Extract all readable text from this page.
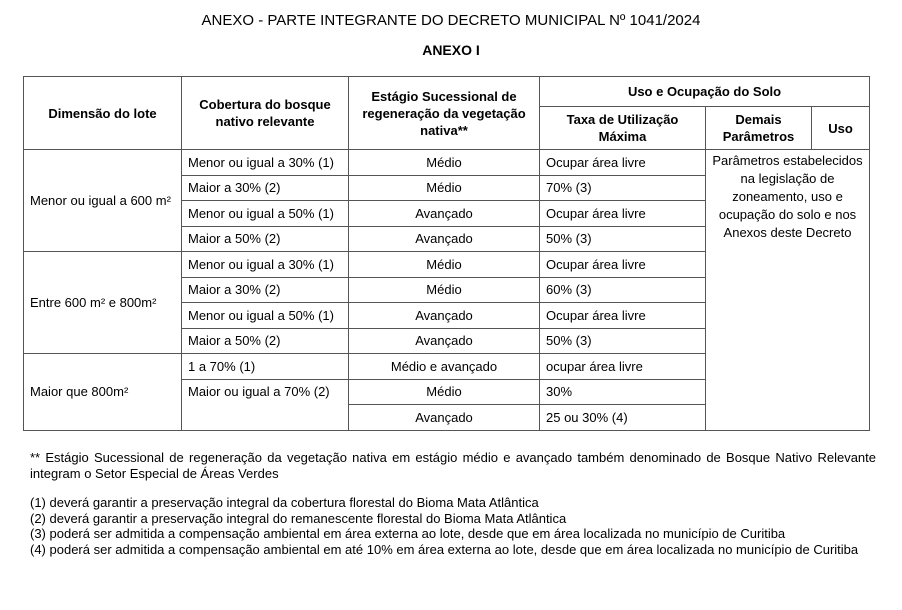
ANEXO - PARTE INTEGRANTE DO DECRETO MUNICIPAL Nº 1041/2024
ANEXO I
Dimensão do lote	Cobertura do bosque nativo relevante	Estágio Sucessional de regeneração da vegetação nativa**	Uso e Ocupação do Solo		
			Taxa de Utilização Máxima	Demais Parâmetros	Uso
Menor ou igual a 600 m²	Menor ou igual a 30% (1)	Médio	Ocupar área livre	Parâmetros estabelecidos na legislação de zoneamento, uso e ocupação do solo e nos Anexos deste Decreto	
	Maior a 30% (2)	Médio	70% (3)		
	Menor ou igual a 50% (1)	Avançado	Ocupar área livre		
	Maior a 50% (2)	Avançado	50% (3)		
Entre 600 m² e 800m²	Menor ou igual a 30% (1)	Médio	Ocupar área livre		
	Maior a 30% (2)	Médio	60% (3)		
	Menor ou igual a 50% (1)	Avançado	Ocupar área livre		
	Maior a 50% (2)	Avançado	50% (3)		
Maior que 800m²	1 a 70% (1)	Médio e avançado	ocupar área livre		
	Maior ou igual a 70% (2)	Médio	30%		
		Avançado	25 ou 30% (4)		
** Estágio Sucessional de regeneração da vegetação nativa em estágio médio e avançado também denominado de Bosque Nativo Relevante integram o Setor Especial de Áreas Verdes
(1) deverá garantir a preservação integral da cobertura florestal do Bioma Mata Atlântica
(2) deverá garantir a preservação integral do remanescente florestal do Bioma Mata Atlântica
(3) poderá ser admitida a compensação ambiental em área externa ao lote, desde que em área localizada no município de Curitiba
(4) poderá ser admitida a compensação ambiental em até 10% em área externa ao lote, desde que em área localizada no município de Curitiba
